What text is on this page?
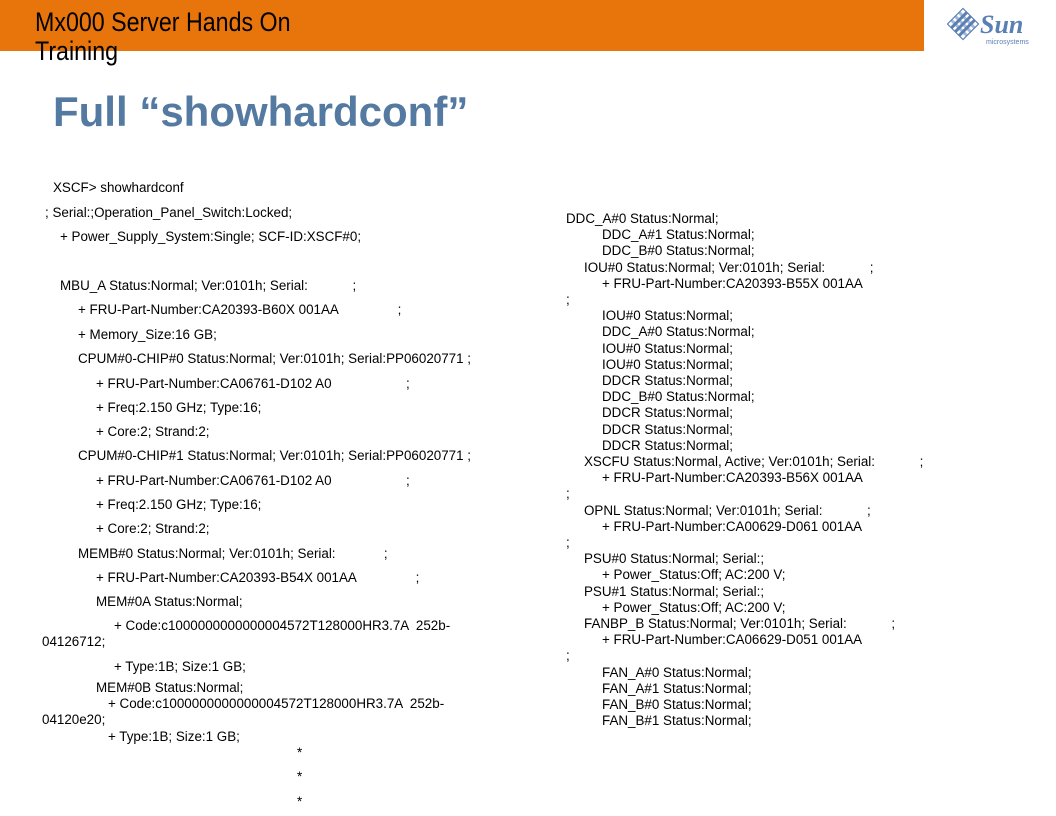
Mx000 Server Hands On Training
Sun
microsystems
Full “showhardconf”
XSCF> showhardconf
; Serial:;Operation_Panel_Switch:Locked;
+ Power_Supply_System:Single; SCF-ID:XSCF#0;
MBU_A Status:Normal; Ver:0101h; Serial:            ;
+ FRU-Part-Number:CA20393-B60X 001AA                ;
+ Memory_Size:16 GB;
CPUM#0-CHIP#0 Status:Normal; Ver:0101h; Serial:PP06020771 ;
+ FRU-Part-Number:CA06761-D102 A0                    ;
+ Freq:2.150 GHz; Type:16;
+ Core:2; Strand:2;
CPUM#0-CHIP#1 Status:Normal; Ver:0101h; Serial:PP06020771 ;
+ FRU-Part-Number:CA06761-D102 A0                    ;
+ Freq:2.150 GHz; Type:16;
+ Core:2; Strand:2;
MEMB#0 Status:Normal; Ver:0101h; Serial:             ;
+ FRU-Part-Number:CA20393-B54X 001AA                ;
MEM#0A Status:Normal;
+ Code:c1000000000000004572T128000HR3.7A  252b-
04126712;
+ Type:1B; Size:1 GB;
MEM#0B Status:Normal;
+ Code:c1000000000000004572T128000HR3.7A  252b-
04120e20;
+ Type:1B; Size:1 GB;
*
*
*
DDC_A#0 Status:Normal;
DDC_A#1 Status:Normal;
DDC_B#0 Status:Normal;
IOU#0 Status:Normal; Ver:0101h; Serial:            ;
+ FRU-Part-Number:CA20393-B55X 001AA
;
IOU#0 Status:Normal;
DDC_A#0 Status:Normal;
IOU#0 Status:Normal;
IOU#0 Status:Normal;
DDCR Status:Normal;
DDC_B#0 Status:Normal;
DDCR Status:Normal;
DDCR Status:Normal;
DDCR Status:Normal;
XSCFU Status:Normal, Active; Ver:0101h; Serial:            ;
+ FRU-Part-Number:CA20393-B56X 001AA
;
OPNL Status:Normal; Ver:0101h; Serial:            ;
+ FRU-Part-Number:CA00629-D061 001AA
;
PSU#0 Status:Normal; Serial:;
+ Power_Status:Off; AC:200 V;
PSU#1 Status:Normal; Serial:;
+ Power_Status:Off; AC:200 V;
FANBP_B Status:Normal; Ver:0101h; Serial:            ;
+ FRU-Part-Number:CA06629-D051 001AA
;
FAN_A#0 Status:Normal;
FAN_A#1 Status:Normal;
FAN_B#0 Status:Normal;
FAN_B#1 Status:Normal;
